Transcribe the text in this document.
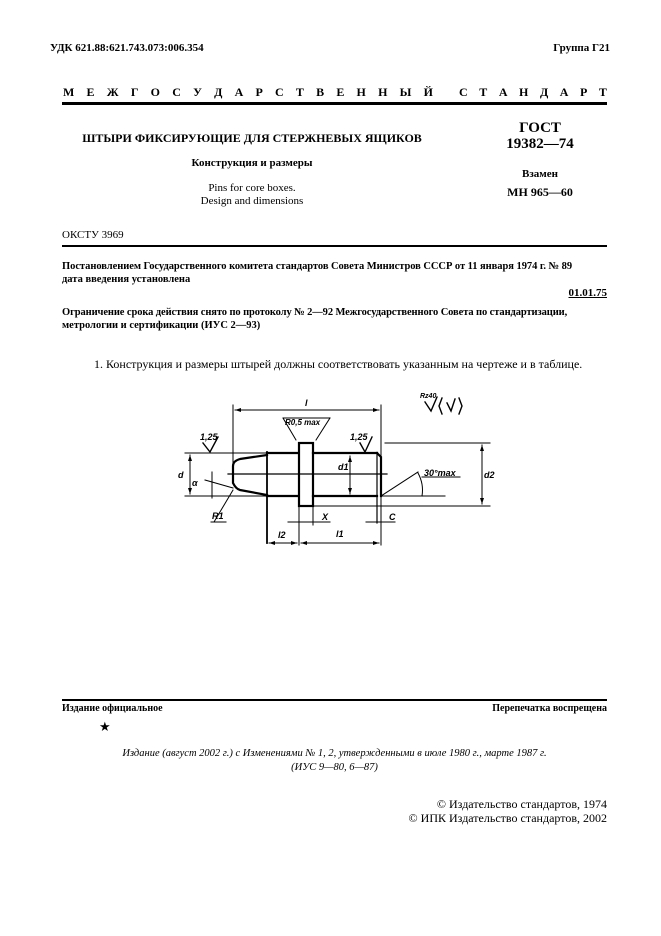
УДК 621.88:621.743.073:006.354	Группа Г21
М Е Ж Г О С У Д А Р С Т В Е Н Н Ы Й С Т А Н Д А Р Т
ШТЫРИ ФИКСИРУЮЩИЕ ДЛЯ СТЕРЖНЕВЫХ ЯЩИКОВ
Конструкция и размеры
Pins for core boxes.
Design and dimensions
ГОСТ
19382—74
Взамен
МН 965—60
ОКСТУ 3969
Постановлением Государственного комитета стандартов Совета Министров СССР от 11 января 1974 г. № 89
дата введения установлена
01.01.75
Ограничение срока действия снято по протоколу № 2—92 Межгосударственного Совета по стандартизации,
метрологии и сертификации (ИУС 2—93)
1. Конструкция и размеры штырей должны соответствовать указанным на чертеже и в таблице.
l
R0,5 max
1,25	1,25
d
α
R1
d1
d2
30°max
X	C
l1
l2
Rz40
Издание официальное	Перепечатка воспрещена
★
Издание (август 2002 г.) с Изменениями № 1, 2, утвержденными в июле 1980 г., марте 1987 г.
(ИУС 9—80, 6—87)
© Издательство стандартов, 1974
© ИПК Издательство стандартов, 2002
